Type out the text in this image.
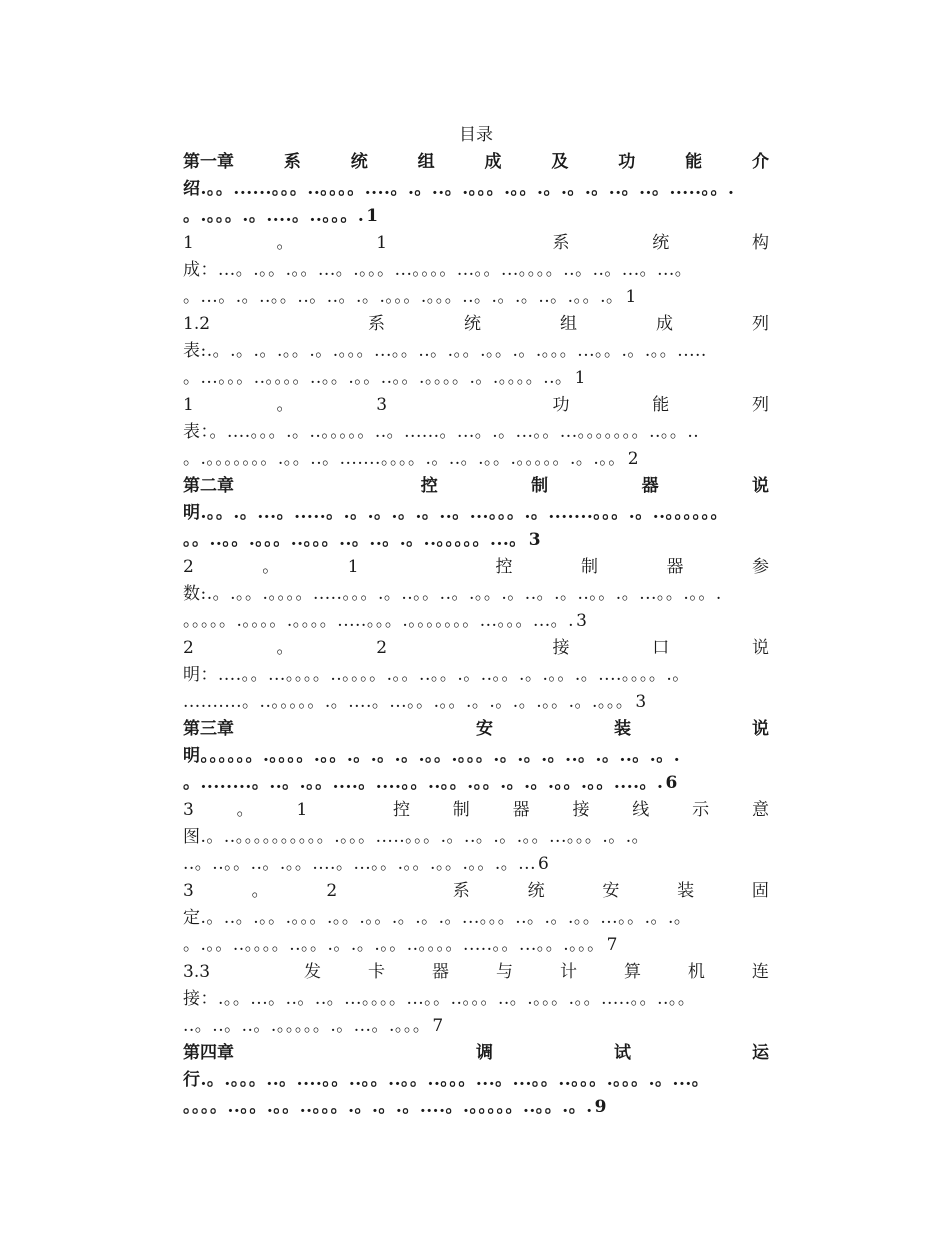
目录
第一章	系	统	组	成	及	功	能	介
绍.。。......。。。..。。。。....。.。..。.。。。.。。.。.。.。..。..。.....。。.
。.。。。.。....。..。。。. 1
1	。	1	系	统	构
成：...。.。。.。。...。.。。。...。。。。...。。...。。。。..。..。...。...。
。...。.。..。。..。..。.。.。。。.。。。..。.。.。..。.。。.。 1
1.2	系	统	组	成	列
表:.。.。.。.。。.。.。。。...。。..。.。。.。。.。.。。。...。。.。.。。.....
。...。。。..。。。。..。。.。。..。。.。。。。.。.。。。。..。 1
1	。	3	功	能	列
表：。....。。。.。..。。。。。..。......。...。.。...。。...。。。。。。。..。。..
。.。。。。。。。.。。..。.......。。。。.。..。.。。.。。。。。.。.。。 2
第二章	控	制	器	说
明.。。.。...。.....。.。.。.。.。..。...。。。.。.......。。。.。..。。。。。。
。。..。。.。。。..。。。..。..。.。..。。。。。...。 3
2	。	1	控	制	器	参
数:.。.。。.。。。。.....。。。.。..。。..。.。。.。..。.。..。。.。...。。.。。.
。。。。。.。。。。.。。。。.....。。。.。。。。。。。...。。。...。. 3
2	。	2	接	口	说
明：....。。...。。。。..。。。。.。。..。。.。..。。.。.。。.。....。。。。.。
..........。..。。。。。.。....。...。。.。。.。.。.。.。。.。.。。。 3
第三章	安	装	说
明。。。。。。.。。。。.。。.。.。.。.。。.。。。.。.。.。..。.。..。.。.
。........。..。.。。....。....。。..。。.。。.。.。.。。.。。....。. 6
3	。	1	控	制	器	接	线	示	意
图.。..。。。。。。。。。。.。。。.....。。。.。..。.。.。。...。。。.。.。
..。..。。..。.。。....。...。。.。。.。。.。。.。... 6
3	。	2	系	统	安	装	固
定.。..。.。。.。。。.。。.。。.。.。.。...。。。..。.。.。。...。。.。.。
。.。。..。。。。..。。.。.。.。。..。。。。.....。。...。。.。。。 7
3.3	发	卡	器	与	计	算	机	连
接：.。。...。..。..。...。。。。...。。..。。。..。.。。。.。。.....。。..。。
..。..。..。.。。。。。.。...。.。。。 7
第四章	调	试	运
行.。.。。。..。....。。..。。..。。..。。。...。...。。..。。。.。。。.。...。
。。。。..。。.。。..。。。.。.。.。....。.。。。。。..。。.。. 9
